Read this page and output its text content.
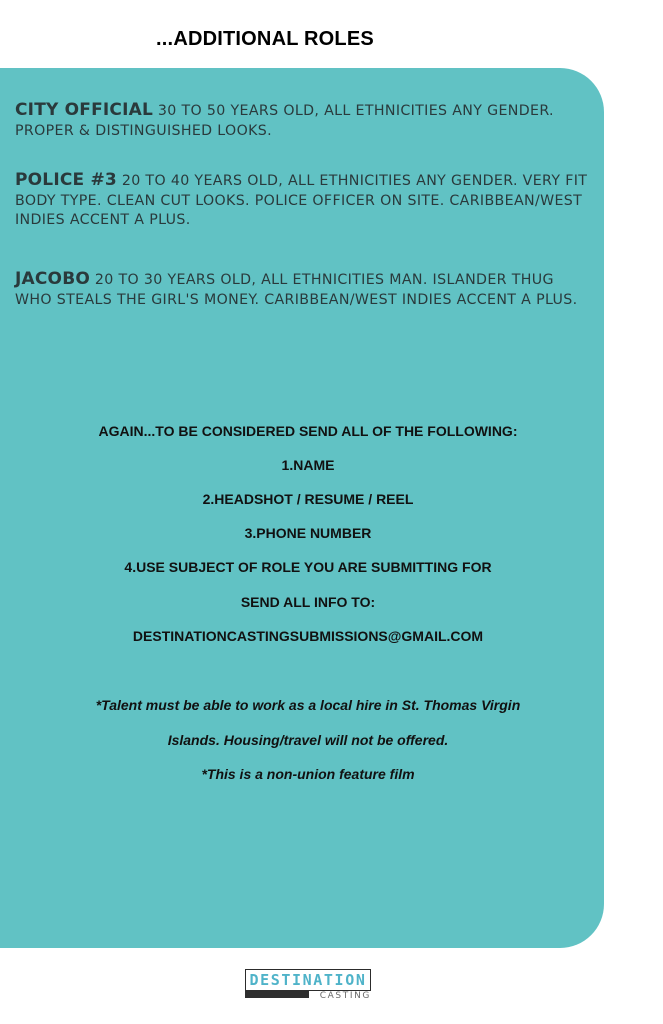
...ADDITIONAL ROLES
CITY OFFICIAL 30 TO 50 YEARS OLD, ALL ETHNICITIES ANY GENDER. PROPER & DISTINGUISHED LOOKS.
POLICE #3 20 TO 40 YEARS OLD, ALL ETHNICITIES ANY GENDER. VERY FIT BODY TYPE. CLEAN CUT LOOKS. POLICE OFFICER ON SITE. CARIBBEAN/WEST INDIES ACCENT A PLUS.
JACOBO 20 TO 30 YEARS OLD, ALL ETHNICITIES MAN. ISLANDER THUG WHO STEALS THE GIRL'S MONEY. CARIBBEAN/WEST INDIES ACCENT A PLUS.
AGAIN...TO BE CONSIDERED SEND ALL OF THE FOLLOWING:
1.NAME
2.HEADSHOT / RESUME / REEL
3.PHONE NUMBER
4.USE SUBJECT OF ROLE YOU ARE SUBMITTING FOR
SEND ALL INFO TO:
DESTINATIONCASTINGSUBMISSIONS@GMAIL.COM
*Talent must be able to work as a local hire in St. Thomas Virgin
Islands. Housing/travel will not be offered.
*This is a non-union feature film
DESTINATION
CASTING
